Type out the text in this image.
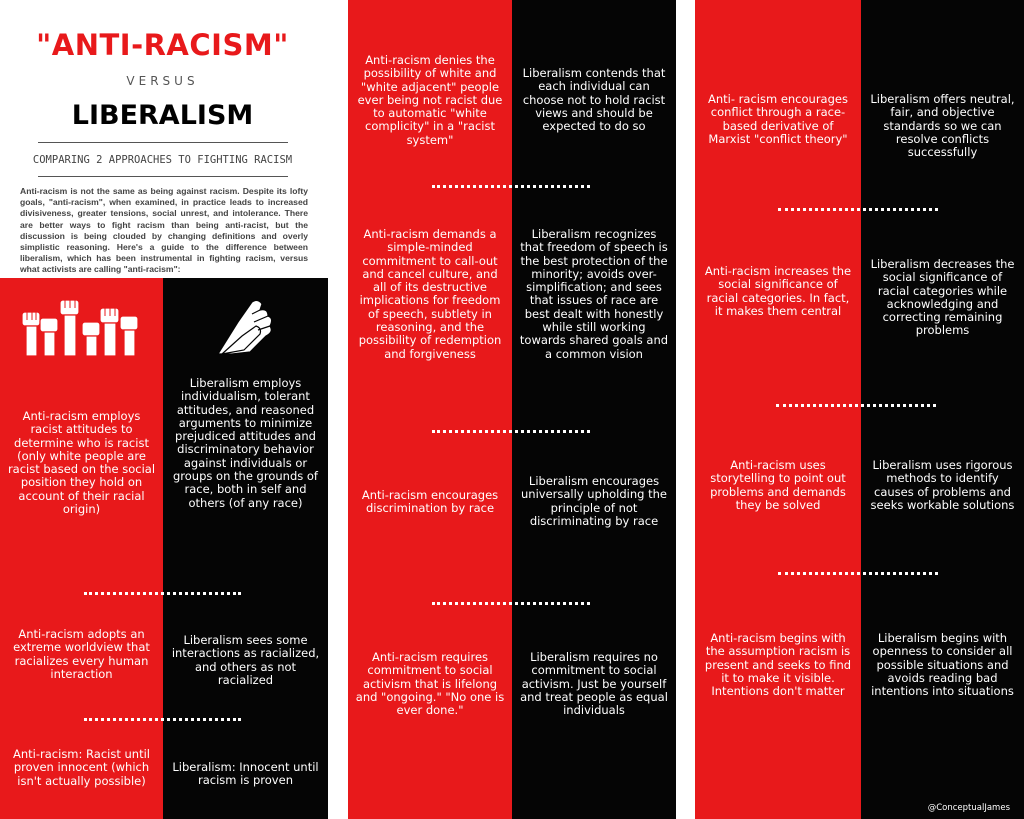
"ANTI-RACISM"
VERSUS
LIBERALISM
COMPARING 2 APPROACHES TO FIGHTING RACISM
Anti-racism is not the same as being against racism. Despite its lofty goals, "anti-racism", when examined, in practice leads to increased divisiveness, greater tensions, social unrest, and intolerance. There are better ways to fight racism than being anti-racist, but the discussion is being clouded by changing definitions and overly simplistic reasoning. Here's a guide to the difference between liberalism, which has been instrumental in fighting racism, versus what activists are calling "anti-racism":
Anti-racism employs racist attitudes to determine who is racist (only white people are racist based on the social position they hold on account of their racial origin)
Liberalism employs individualism, tolerant attitudes, and reasoned arguments to minimize prejudiced attitudes and discriminatory behavior against individuals or groups on the grounds of race, both in self and others (of any race)
Anti-racism adopts an extreme worldview that racializes every human interaction
Liberalism sees some interactions as racialized, and others as not racialized
Anti-racism: Racist until proven innocent (which isn't actually possible)
Liberalism: Innocent until racism is proven
Anti-racism denies the possibility of white and "white adjacent" people ever being not racist due to automatic "white complicity" in a "racist system"
Liberalism contends that each individual can choose not to hold racist views and should be expected to do so
Anti-racism demands a simple-minded commitment to call-out and cancel culture, and all of its destructive implications for freedom of speech, subtlety in reasoning, and the possibility of redemption and forgiveness
Liberalism recognizes that freedom of speech is the best protection of the minority; avoids over-simplification; and sees that issues of race are best dealt with honestly while still working towards shared goals and a common vision
Anti-racism encourages discrimination by race
Liberalism encourages universally upholding the principle of not discriminating by race
Anti-racism requires commitment to social activism that is lifelong and "ongoing." "No one is ever done."
Liberalism requires no commitment to social activism. Just be yourself and treat people as equal individuals
Anti- racism encourages conflict through a race-based derivative of Marxist "conflict theory"
Liberalism offers neutral, fair, and objective standards so we can resolve conflicts successfully
Anti-racism increases the social significance of racial categories. In fact, it makes them central
Liberalism decreases the social significance of racial categories while acknowledging and correcting remaining problems
Anti-racism uses storytelling to point out problems and demands they be solved
Liberalism uses rigorous methods to identify causes of problems and seeks workable solutions
Anti-racism begins with the assumption racism is present and seeks to find it to make it visible. Intentions don't matter
Liberalism begins with openness to consider all possible situations and avoids reading bad intentions into situations
@ConceptualJames
